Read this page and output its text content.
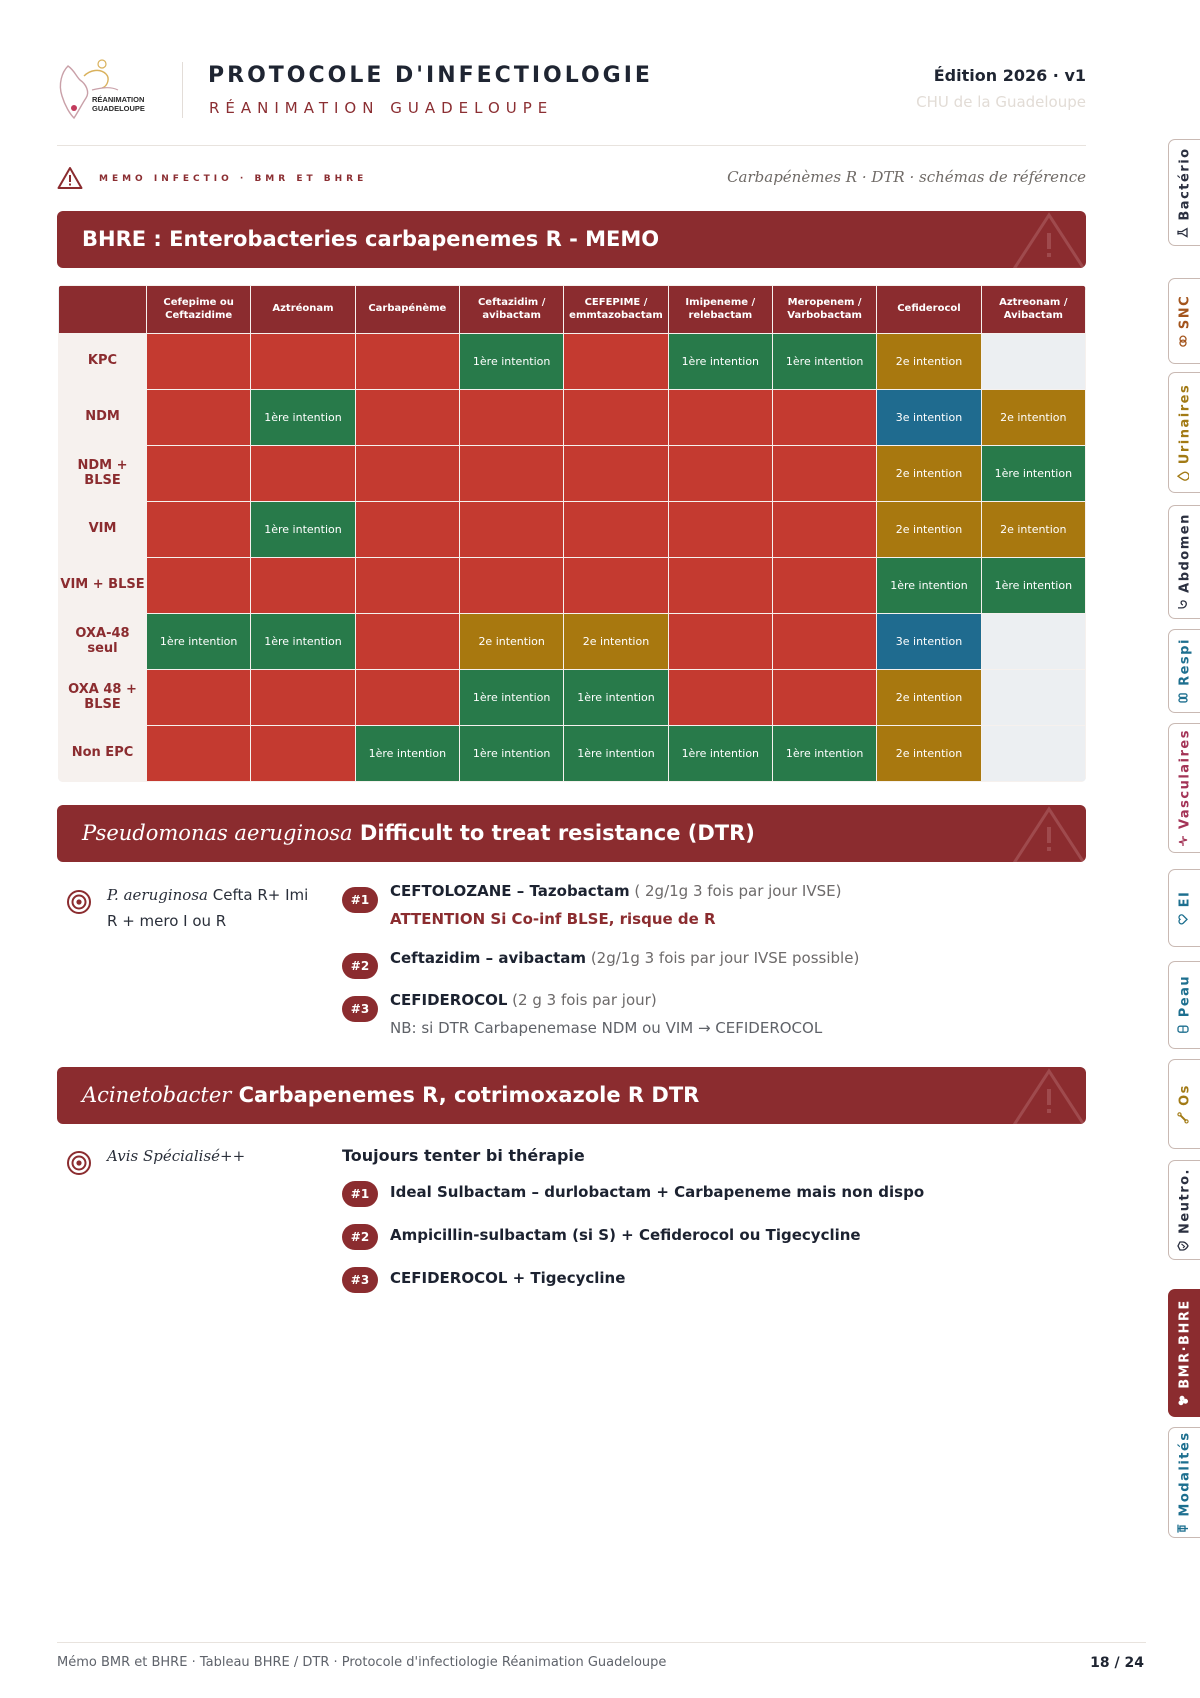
RÉANIMATION
GUADELOUPE
PROTOCOLE D'INFECTIOLOGIE
RÉANIMATION GUADELOUPE
Édition 2026 · v1
CHU de la Guadeloupe
MEMO INFECTIO · BMR ET BHRE	Carbapénèmes R · DTR · schémas de référence
BHRE : Enterobacteries carbapenemes R - MEMO
	Cefepime ou
Ceftazidime	Aztréonam	Carbapénème	Ceftazidim /
avibactam	CEFEPIME /
emmtazobactam	Imipeneme /
relebactam	Meropenem /
Varbobactam	Cefiderocol	Aztreonam /
Avibactam
KPC				1ère intention		1ère intention	1ère intention	2e intention	
NDM		1ère intention						3e intention	2e intention
NDM + BLSE								2e intention	1ère intention
VIM		1ère intention						2e intention	2e intention
VIM + BLSE								1ère intention	1ère intention
OXA-48
seul	1ère intention	1ère intention		2e intention	2e intention			3e intention	
OXA 48 +
BLSE				1ère intention	1ère intention			2e intention	
Non EPC			1ère intention	1ère intention	1ère intention	1ère intention	1ère intention	2e intention	
Pseudomonas aeruginosa Difficult to treat resistance (DTR)
P. aeruginosa Cefta R+ Imi R + mero I ou R
#1	CEFTOLOZANE – Tazobactam ( 2g/1g 3 fois par jour IVSE)
ATTENTION Si Co-inf BLSE, risque de R
#2	Ceftazidim – avibactam (2g/1g 3 fois par jour IVSE possible)
#3	CEFIDEROCOL (2 g 3 fois par jour)
NB: si DTR Carbapenemase NDM ou VIM → CEFIDEROCOL
Acinetobacter Carbapenemes R, cotrimoxazole R DTR
Avis Spécialisé++	Toujours tenter bi thérapie
#1	Ideal Sulbactam – durlobactam + Carbapeneme mais non dispo
#2	Ampicillin-sulbactam (si S) + Cefiderocol ou Tigecycline
#3	CEFIDEROCOL + Tigecycline
Bactério
SNC
Urinaires
Abdomen
Respi
Vasculaires
EI
Peau
Os
Neutro.
BMR·BHRE
Modalités
Mémo BMR et BHRE · Tableau BHRE / DTR · Protocole d'infectiologie Réanimation Guadeloupe	18 / 24
